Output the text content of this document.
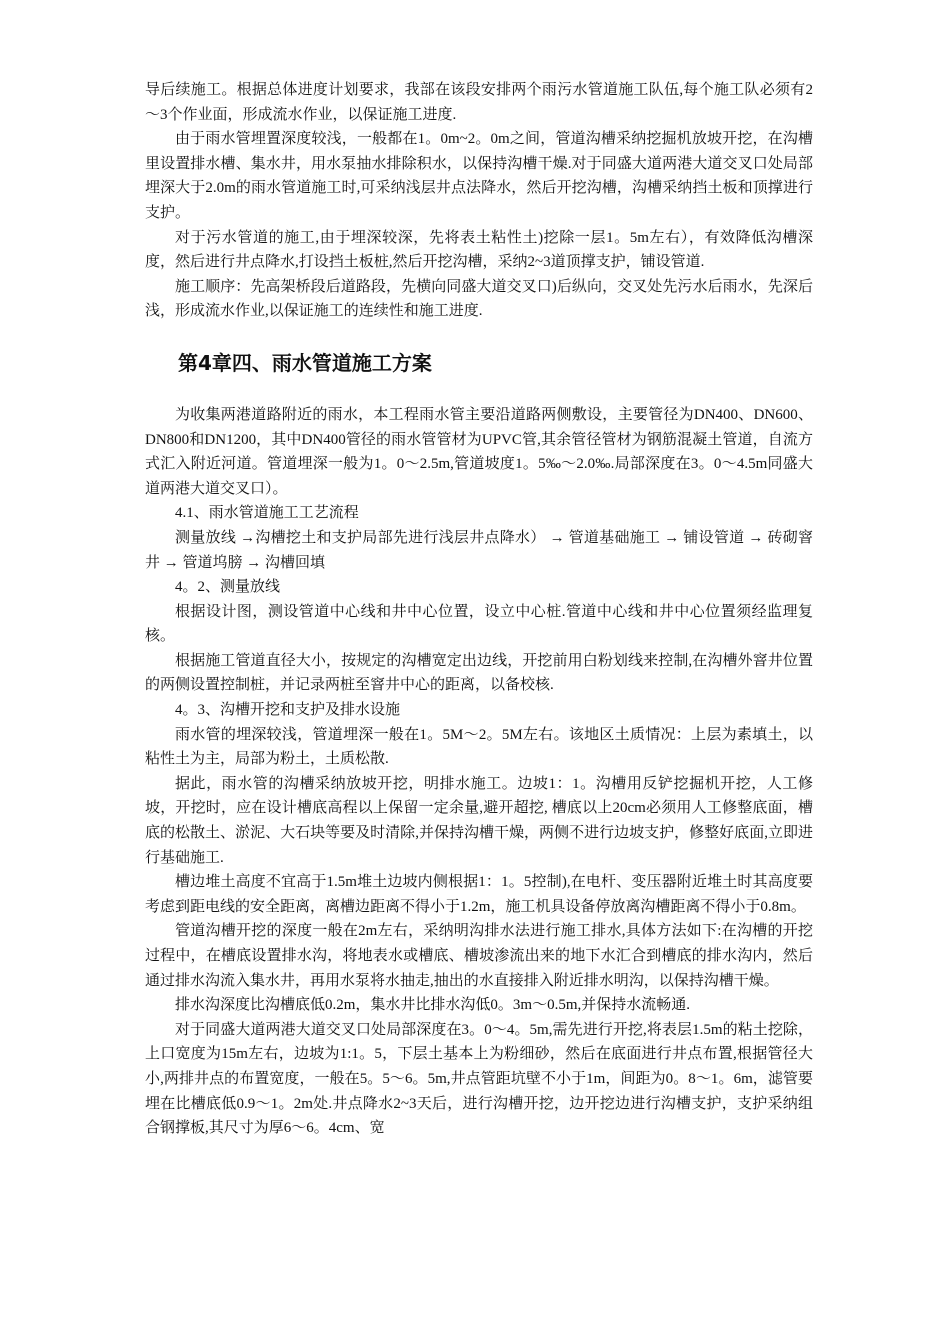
导后续施工。根据总体进度计划要求，我部在该段安排两个雨污水管道施工队伍,每个施工队必须有2～3个作业面，形成流水作业，以保证施工进度.

由于雨水管埋置深度较浅，一般都在1。0m~2。0m之间，管道沟槽采纳挖掘机放坡开挖，在沟槽里设置排水槽、集水井，用水泵抽水排除积水，以保持沟槽干燥.对于同盛大道两港大道交叉口处局部埋深大于2.0m的雨水管道施工时,可采纳浅层井点法降水，然后开挖沟槽，沟槽采纳挡土板和顶撑进行支护。

对于污水管道的施工,由于埋深较深，先将表土粘性土)挖除一层1。5m左右），有效降低沟槽深度，然后进行井点降水,打设挡土板桩,然后开挖沟槽，采纳2~3道顶撑支护，铺设管道.

施工顺序：先高架桥段后道路段，先横向同盛大道交叉口)后纵向，交叉处先污水后雨水，先深后浅，形成流水作业,以保证施工的连续性和施工进度.

第4章四、雨水管道施工方案

为收集两港道路附近的雨水，本工程雨水管主要沿道路两侧敷设，主要管径为DN400、DN600、DN800和DN1200，其中DN400管径的雨水管管材为UPVC管,其余管径管材为钢筋混凝土管道，自流方式汇入附近河道。管道埋深一般为1。0～2.5m,管道坡度1。5‰～2.0‰.局部深度在3。0～4.5m同盛大道两港大道交叉口）。

4.1、雨水管道施工工艺流程

测量放线 →沟槽挖土和支护局部先进行浅层井点降水） → 管道基础施工 → 铺设管道 → 砖砌窨井 → 管道坞膀 → 沟槽回填

4。2、测量放线

根据设计图，测设管道中心线和井中心位置，设立中心桩.管道中心线和井中心位置须经监理复核。

根据施工管道直径大小，按规定的沟槽宽定出边线，开挖前用白粉划线来控制,在沟槽外窨井位置的两侧设置控制桩，并记录两桩至窨井中心的距离，以备校核.

4。3、沟槽开挖和支护及排水设施

雨水管的埋深较浅，管道埋深一般在1。5M～2。5M左右。该地区土质情况：上层为素填土，以粘性土为主，局部为粉土，土质松散.

据此，雨水管的沟槽采纳放坡开挖，明排水施工。边坡1：1。沟槽用反铲挖掘机开挖，人工修坡，开挖时，应在设计槽底高程以上保留一定余量,避开超挖, 槽底以上20cm必须用人工修整底面，槽底的松散土、淤泥、大石块等要及时清除,并保持沟槽干燥，两侧不进行边坡支护，修整好底面,立即进行基础施工.

槽边堆土高度不宜高于1.5m堆土边坡内侧根据1：1。5控制),在电杆、变压器附近堆土时其高度要考虑到距电线的安全距离，离槽边距离不得小于1.2m，施工机具设备停放离沟槽距离不得小于0.8m。

管道沟槽开挖的深度一般在2m左右，采纳明沟排水法进行施工排水,具体方法如下:在沟槽的开挖过程中，在槽底设置排水沟，将地表水或槽底、槽坡渗流出来的地下水汇合到槽底的排水沟内，然后通过排水沟流入集水井，再用水泵将水抽走,抽出的水直接排入附近排水明沟，以保持沟槽干燥。

排水沟深度比沟槽底低0.2m，集水井比排水沟低0。3m～0.5m,并保持水流畅通.

对于同盛大道两港大道交叉口处局部深度在3。0～4。5m,需先进行开挖,将表层1.5m的粘土挖除，上口宽度为15m左右，边坡为1:1。5，下层土基本上为粉细砂，然后在底面进行井点布置,根据管径大小,两排井点的布置宽度，一般在5。5～6。5m,井点管距坑壁不小于1m，间距为0。8～1。6m，滤管要埋在比槽底低0.9～1。2m处.井点降水2~3天后，进行沟槽开挖，边开挖边进行沟槽支护，支护采纳组合钢撑板,其尺寸为厚6～6。4cm、宽
